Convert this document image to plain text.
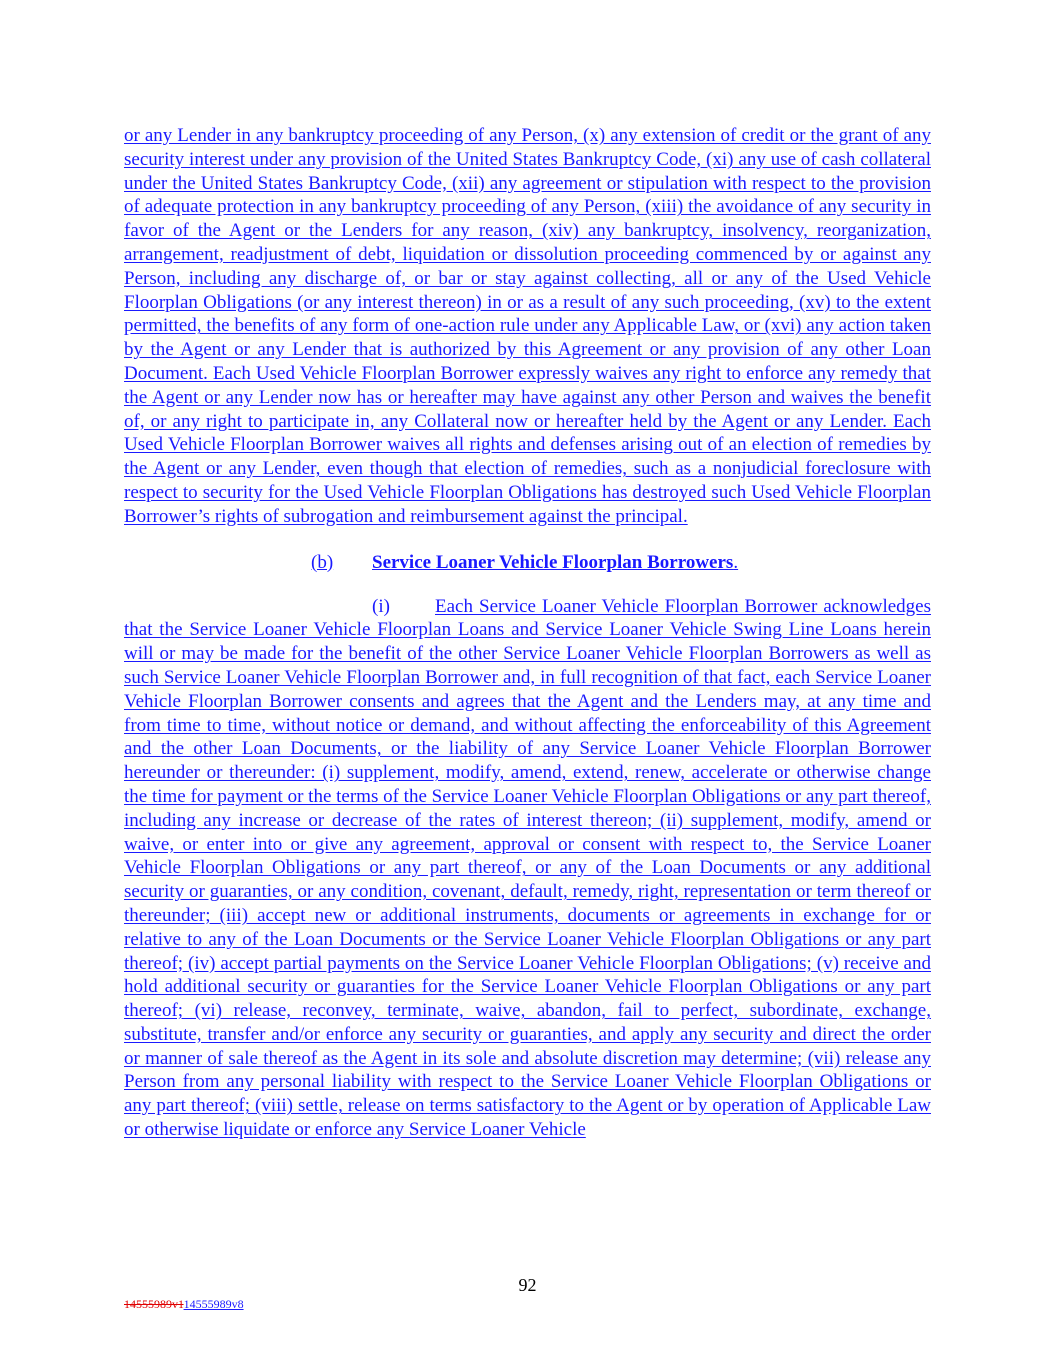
or any Lender in any bankruptcy proceeding of any Person, (x) any extension of credit or the grant of any security interest under any provision of the United States Bankruptcy Code, (xi) any use of cash collateral under the United States Bankruptcy Code, (xii) any agreement or stipulation with respect to the provision of adequate protection in any bankruptcy proceeding of any Person, (xiii) the avoidance of any security in favor of the Agent or the Lenders for any reason, (xiv) any bankruptcy, insolvency, reorganization, arrangement, readjustment of debt, liquidation or dissolution proceeding commenced by or against any Person, including any discharge of, or bar or stay against collecting, all or any of the Used Vehicle Floorplan Obligations (or any interest thereon) in or as a result of any such proceeding, (xv) to the extent permitted, the benefits of any form of one-action rule under any Applicable Law, or (xvi) any action taken by the Agent or any Lender that is authorized by this Agreement or any provision of any other Loan Document. Each Used Vehicle Floorplan Borrower expressly waives any right to enforce any remedy that the Agent or any Lender now has or hereafter may have against any other Person and waives the benefit of, or any right to participate in, any Collateral now or hereafter held by the Agent or any Lender. Each Used Vehicle Floorplan Borrower waives all rights and defenses arising out of an election of remedies by the Agent or any Lender, even though that election of remedies, such as a nonjudicial foreclosure with respect to security for the Used Vehicle Floorplan Obligations has destroyed such Used Vehicle Floorplan Borrower’s rights of subrogation and reimbursement against the principal.

(b) Service Loaner Vehicle Floorplan Borrowers.

(i) Each Service Loaner Vehicle Floorplan Borrower acknowledges that the Service Loaner Vehicle Floorplan Loans and Service Loaner Vehicle Swing Line Loans herein will or may be made for the benefit of the other Service Loaner Vehicle Floorplan Borrowers as well as such Service Loaner Vehicle Floorplan Borrower and, in full recognition of that fact, each Service Loaner Vehicle Floorplan Borrower consents and agrees that the Agent and the Lenders may, at any time and from time to time, without notice or demand, and without affecting the enforceability of this Agreement and the other Loan Documents, or the liability of any Service Loaner Vehicle Floorplan Borrower hereunder or thereunder: (i) supplement, modify, amend, extend, renew, accelerate or otherwise change the time for payment or the terms of the Service Loaner Vehicle Floorplan Obligations or any part thereof, including any increase or decrease of the rates of interest thereon; (ii) supplement, modify, amend or waive, or enter into or give any agreement, approval or consent with respect to, the Service Loaner Vehicle Floorplan Obligations or any part thereof, or any of the Loan Documents or any additional security or guaranties, or any condition, covenant, default, remedy, right, representation or term thereof or thereunder; (iii) accept new or additional instruments, documents or agreements in exchange for or relative to any of the Loan Documents or the Service Loaner Vehicle Floorplan Obligations or any part thereof; (iv) accept partial payments on the Service Loaner Vehicle Floorplan Obligations; (v) receive and hold additional security or guaranties for the Service Loaner Vehicle Floorplan Obligations or any part thereof; (vi) release, reconvey, terminate, waive, abandon, fail to perfect, subordinate, exchange, substitute, transfer and/or enforce any security or guaranties, and apply any security and direct the order or manner of sale thereof as the Agent in its sole and absolute discretion may determine; (vii) release any Person from any personal liability with respect to the Service Loaner Vehicle Floorplan Obligations or any part thereof; (viii) settle, release on terms satisfactory to the Agent or by operation of Applicable Law or otherwise liquidate or enforce any Service Loaner Vehicle

92
14555989v114555989v8
